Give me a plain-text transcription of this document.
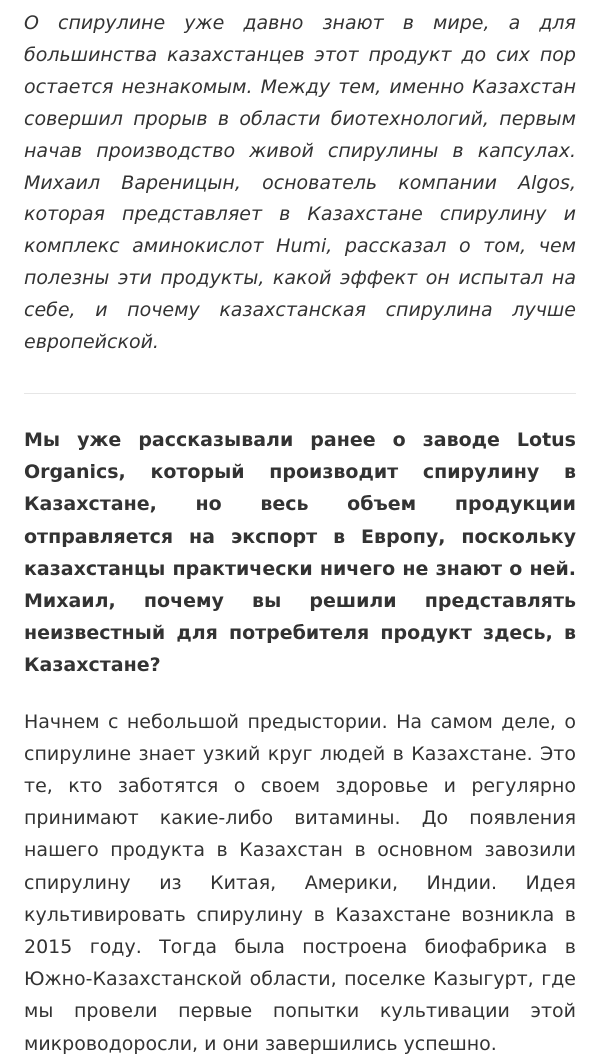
О спирулине уже давно знают в мире, а для большинства казахстанцев этот продукт до сих пор остается незнакомым. Между тем, именно Казахстан совершил прорыв в области биотехнологий, первым начав производство живой спирулины в капсулах. Михаил Вареницын, основатель компании Algos, которая представляет в Казахстане спирулину и комплекс аминокислот Humi, рассказал о том, чем полезны эти продукты, какой эффект он испытал на себе, и почему казахстанская спирулина лучше европейской.

Мы уже рассказывали ранее о заводе Lotus Organics, который производит спирулину в Казахстане, но весь объем продукции отправляется на экспорт в Европу, поскольку казахстанцы практически ничего не знают о ней. Михаил, почему вы решили представлять неизвестный для потребителя продукт здесь, в Казахстане?

Начнем с небольшой предыстории. На самом деле, о спирулине знает узкий круг людей в Казахстане. Это те, кто заботятся о своем здоровье и регулярно принимают какие-либо витамины. До появления нашего продукта в Казахстан в основном завозили спирулину из Китая, Америки, Индии. Идея культивировать спирулину в Казахстане возникла в 2015 году. Тогда была построена биофабрика в Южно-Казахстанской области, поселке Казыгурт, где мы провели первые попытки культивации этой микроводоросли, и они завершились успешно.
